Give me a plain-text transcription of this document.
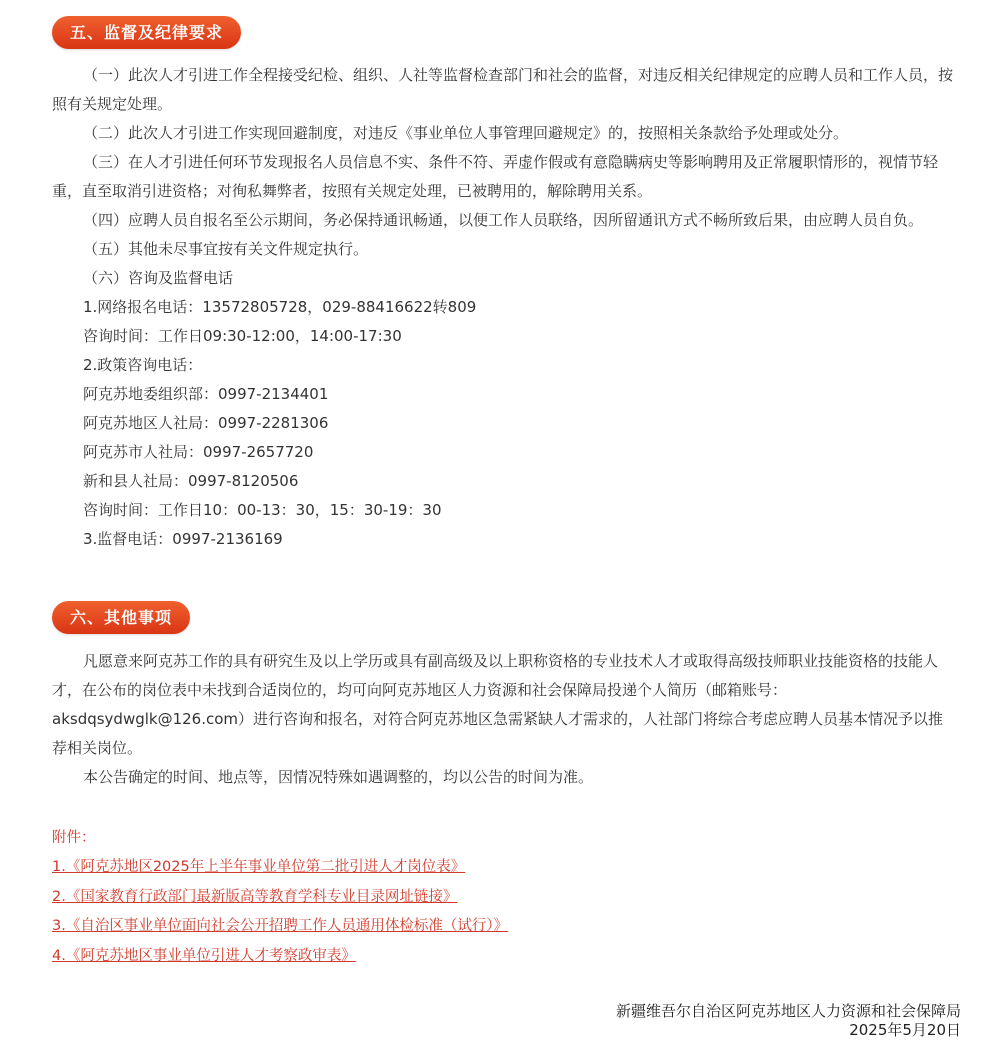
五、监督及纪律要求

（一）此次人才引进工作全程接受纪检、组织、人社等监督检查部门和社会的监督，对违反相关纪律规定的应聘人员和工作人员，按照有关规定处理。

（二）此次人才引进工作实现回避制度，对违反《事业单位人事管理回避规定》的，按照相关条款给予处理或处分。

（三）在人才引进任何环节发现报名人员信息不实、条件不符、弄虚作假或有意隐瞒病史等影响聘用及正常履职情形的，视情节轻重，直至取消引进资格；对徇私舞弊者，按照有关规定处理，已被聘用的，解除聘用关系。

（四）应聘人员自报名至公示期间，务必保持通讯畅通，以便工作人员联络，因所留通讯方式不畅所致后果，由应聘人员自负。

（五）其他未尽事宜按有关文件规定执行。

（六）咨询及监督电话

1.网络报名电话：13572805728，029-88416622转809

咨询时间：工作日09:30-12:00，14:00-17:30

2.政策咨询电话：

阿克苏地委组织部：0997-2134401

阿克苏地区人社局：0997-2281306

阿克苏市人社局：0997-2657720

新和县人社局：0997-8120506

咨询时间：工作日10：00-13：30，15：30-19：30

3.监督电话：0997-2136169

六、其他事项

凡愿意来阿克苏工作的具有研究生及以上学历或具有副高级及以上职称资格的专业技术人才或取得高级技师职业技能资格的技能人才，在公布的岗位表中未找到合适岗位的，均可向阿克苏地区人力资源和社会保障局投递个人简历（邮箱账号：aksdqsydwglk@126.com）进行咨询和报名，对符合阿克苏地区急需紧缺人才需求的，人社部门将综合考虑应聘人员基本情况予以推荐相关岗位。

本公告确定的时间、地点等，因情况特殊如遇调整的，均以公告的时间为准。

附件：
1.《阿克苏地区2025年上半年事业单位第二批引进人才岗位表》
2.《国家教育行政部门最新版高等教育学科专业目录网址链接》
3.《自治区事业单位面向社会公开招聘工作人员通用体检标准（试行）》
4.《阿克苏地区事业单位引进人才考察政审表》
新疆维吾尔自治区阿克苏地区人力资源和社会保障局
2025年5月20日
